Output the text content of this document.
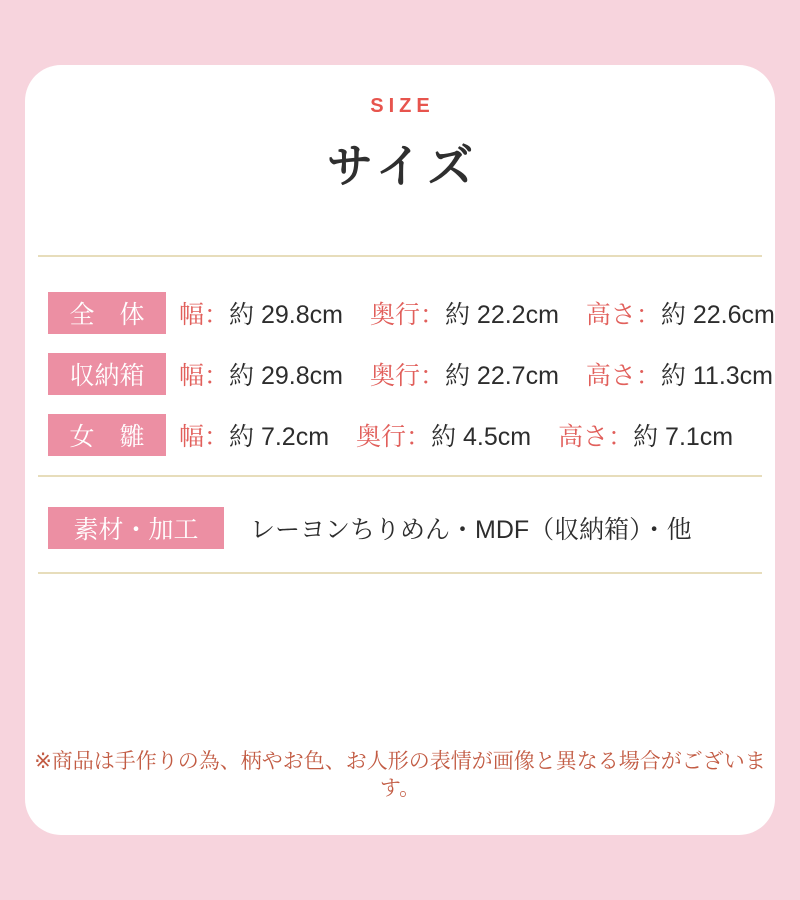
SIZE
サイズ
全　体	幅：約 29.8cm 奥行：約 22.2cm 高さ：約 22.6cm
収納箱	幅：約 29.8cm 奥行：約 22.7cm 高さ：約 11.3cm
女　雛	幅：約 7.2cm 奥行：約 4.5cm 高さ：約 7.1cm
素材・加工	レーヨンちりめん・MDF（収納箱）・他
※商品は手作りの為、柄やお色、お人形の表情が画像と異なる場合がございます。
